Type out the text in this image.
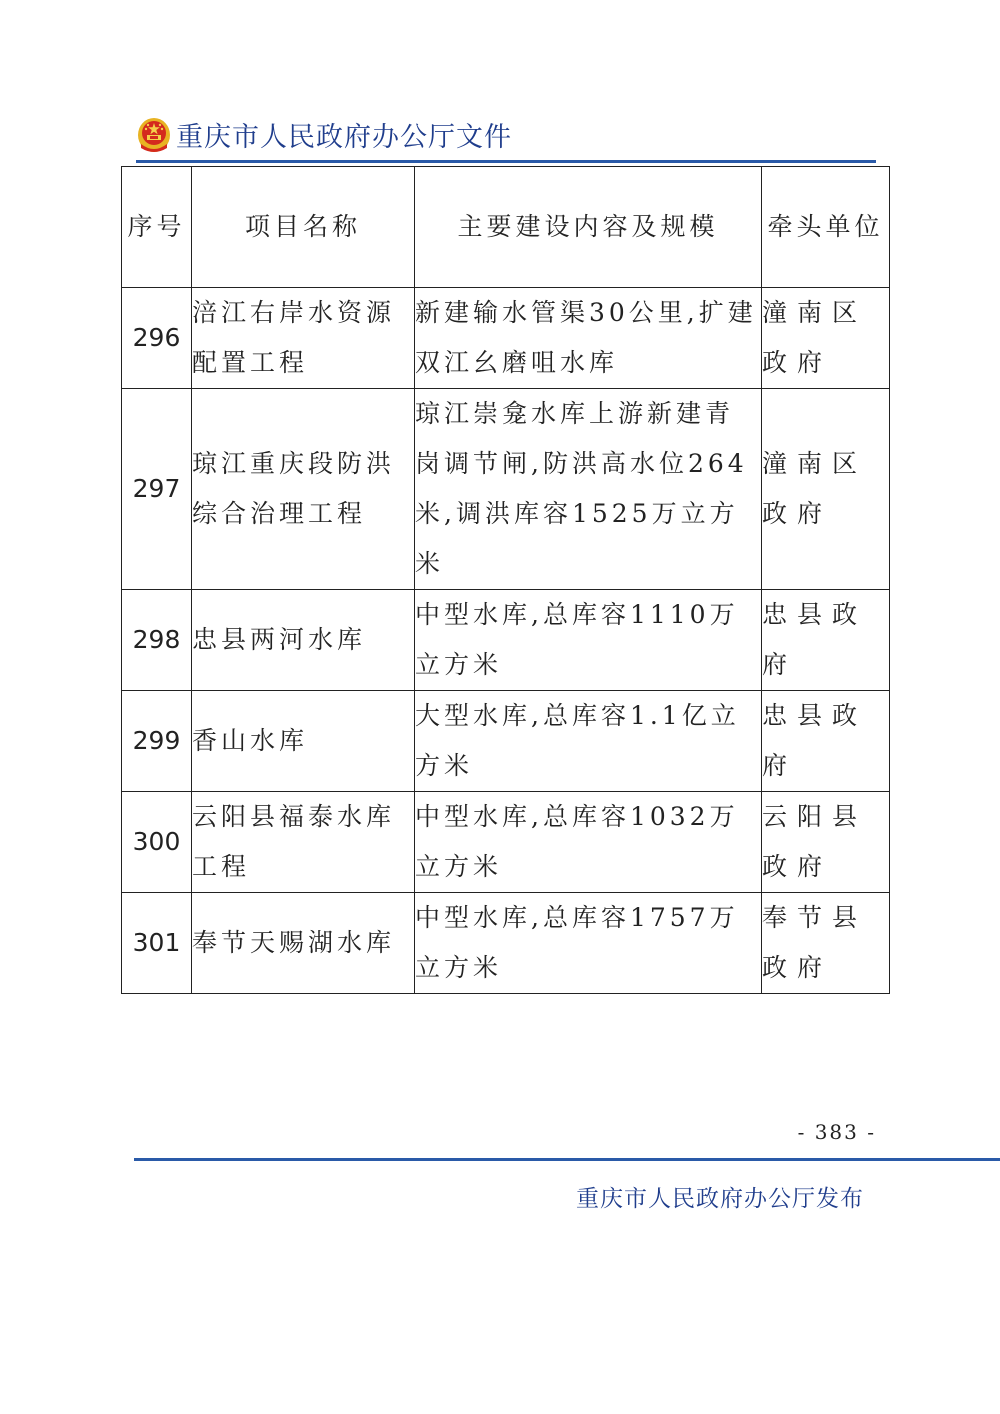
重庆市人民政府办公厅文件
序号	项目名称	主要建设内容及规模	牵头单位
296	涪江右岸水资源配置工程	新建输水管渠30公里,扩建双江幺磨咀水库	潼南区政府
297	琼江重庆段防洪综合治理工程	琼江崇龛水库上游新建青岗调节闸,防洪高水位264米,调洪库容1525万立方米	潼南区政府
298	忠县两河水库	中型水库,总库容1110万立方米	忠县政府
299	香山水库	大型水库,总库容1.1亿立方米	忠县政府
300	云阳县福泰水库工程	中型水库,总库容1032万立方米	云阳县政府
301	奉节天赐湖水库	中型水库,总库容1757万立方米	奉节县政府
- 383 -
重庆市人民政府办公厅发布
